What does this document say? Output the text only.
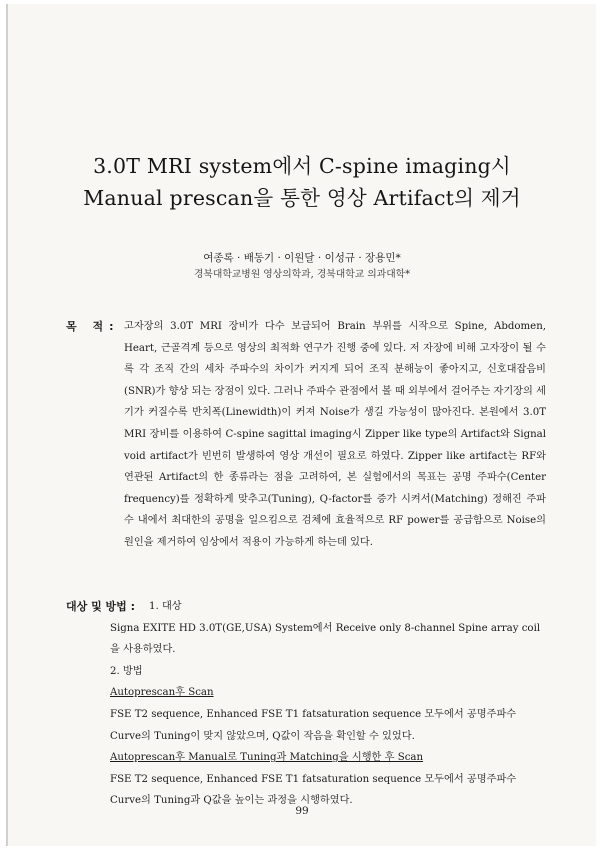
3.0T MRI system에서 C-spine imaging시
Manual prescan을 통한 영상 Artifact의 제거
여종록 · 배동기 · 이원달 · 이성규 · 장용민*
경북대학교병원 영상의학과, 경북대학교 의과대학*
목 적: 고자장의 3.0T MRI 장비가 다수 보급되어 Brain 부위를 시작으로 Spine, Abdomen, Heart, 근골격계 등으로 영상의 최적화 연구가 진행 중에 있다. 저 자장에 비해 고자장이 될 수록 각 조직 간의 세차 주파수의 차이가 커지게 되어 조직 분해능이 좋아지고, 신호대잡음비(SNR)가 향상 되는 장점이 있다. 그러나 주파수 관점에서 볼 때 외부에서 걸어주는 자기장의 세기가 커질수록 반치폭(Linewidth)이 커져 Noise가 생길 가능성이 많아진다. 본원에서 3.0T MRI 장비를 이용하여 C-spine sagittal imaging시 Zipper like type의 Artifact와 Signal void artifact가 빈번히 발생하여 영상 개선이 필요로 하였다. Zipper like artifact는 RF와 연관된 Artifact의 한 종류라는 점을 고려하여, 본 실험에서의 목표는 공명 주파수(Center frequency)를 정확하게 맞추고(Tuning), Q-factor를 증가 시켜서(Matching) 정해진 주파수 내에서 최대한의 공명을 일으킴으로 검체에 효율적으로 RF power를 공급함으로 Noise의 원인을 제거하여 임상에서 적용이 가능하게 하는데 있다.
대상 및 방법 :	1. 대상
Signa EXITE HD 3.0T(GE,USA) System에서 Receive only 8-channel Spine array coil을 사용하였다.
2. 방법
Autoprescan후 Scan
FSE T2 sequence, Enhanced FSE T1 fatsaturation sequence 모두에서 공명주파수 Curve의 Tuning이 맞지 않았으며, Q값이 작음을 확인할 수 있었다.
Autoprescan후 Manual로 Tuning과 Matching을 시행한 후 Scan
FSE T2 sequence, Enhanced FSE T1 fatsaturation sequence 모두에서 공명주파수 Curve의 Tuning과 Q값을 높이는 과정을 시행하였다.
99
